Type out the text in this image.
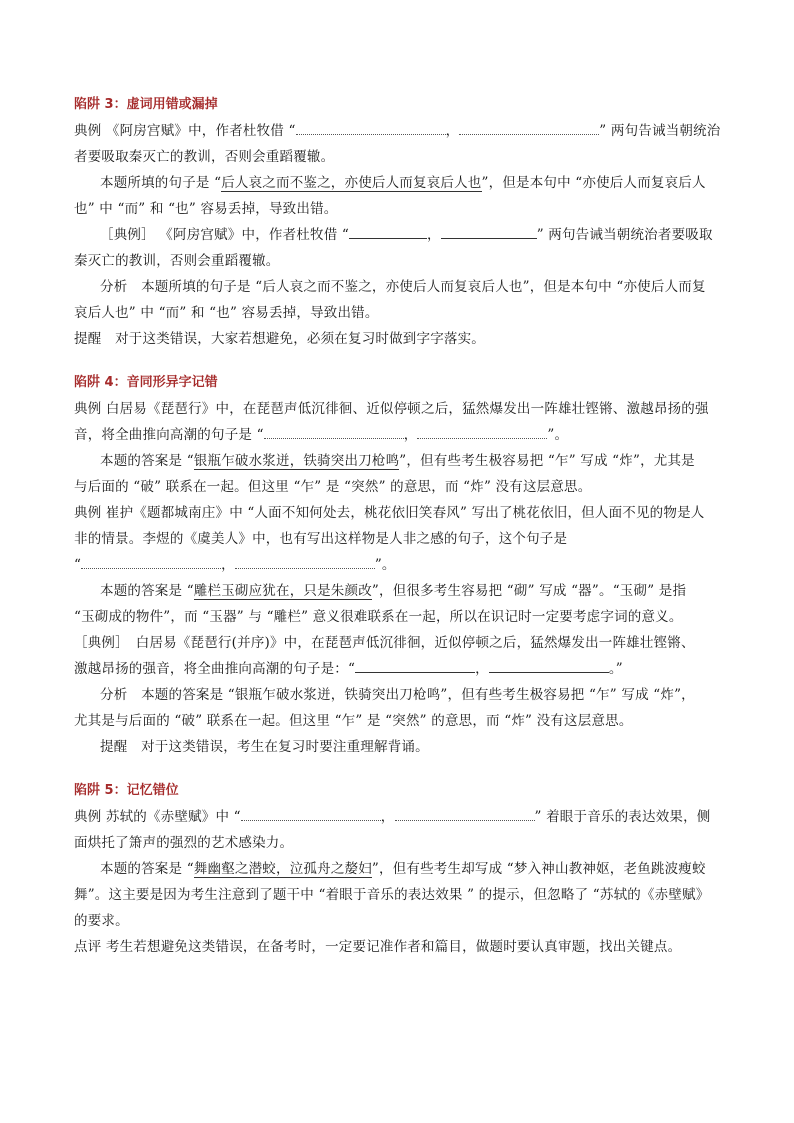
陷阱 3：虚词用错或漏掉
典例 《阿房宫赋》中，作者杜牧借 “	，	” 两句告诫当朝统治
者要吸取秦灭亡的教训，否则会重蹈覆辙。
本题所填的句子是 “后人哀之而不鉴之，亦使后人而复哀后人也”，但是本句中 “亦使后人而复哀后人
也” 中 “而” 和 “也” 容易丢掉，导致出错。
［典例］ 《阿房宫赋》中，作者杜牧借 “	，	” 两句告诫当朝统治者要吸取
秦灭亡的教训，否则会重蹈覆辙。
分析　本题所填的句子是 “后人哀之而不鉴之，亦使后人而复哀后人也”，但是本句中 “亦使后人而复
哀后人也” 中 “而” 和 “也” 容易丢掉，导致出错。
提醒　对于这类错误，大家若想避免，必须在复习时做到字字落实。
陷阱 4：音同形异字记错
典例 白居易《琵琶行》中，在琵琶声低沉徘徊、近似停顿之后，猛然爆发出一阵雄壮铿锵、激越昂扬的强
音，将全曲推向高潮的句子是 “	，	”。
本题的答案是 “银瓶乍破水浆迸，铁骑突出刀枪鸣”，但有些考生极容易把 “乍” 写成 “炸”，尤其是
与后面的 “破” 联系在一起。但这里 “乍” 是 “突然” 的意思，而 “炸” 没有这层意思。
典例 崔护《题都城南庄》中 “人面不知何处去，桃花依旧笑春风” 写出了桃花依旧，但人面不见的物是人
非的情景。李煜的《虞美人》中，也有写出这样物是人非之感的句子，这个句子是
“	，	”。
本题的答案是 “雕栏玉砌应犹在，只是朱颜改”，但很多考生容易把 “砌” 写成 “器”。“玉砌” 是指
“玉砌成的物件”，而 “玉器” 与 “雕栏” 意义很难联系在一起，所以在识记时一定要考虑字词的意义。
［典例］　白居易《琵琶行(并序)》中，在琵琶声低沉徘徊，近似停顿之后，猛然爆发出一阵雄壮铿锵、
激越昂扬的强音，将全曲推向高潮的句子是：“	，	。”
分析　本题的答案是 “银瓶乍破水浆迸，铁骑突出刀枪鸣”，但有些考生极容易把 “乍” 写成 “炸”，
尤其是与后面的 “破” 联系在一起。但这里 “乍” 是 “突然” 的意思，而 “炸” 没有这层意思。
提醒　对于这类错误，考生在复习时要注重理解背诵。
陷阱 5：记忆错位
典例 苏轼的《赤壁赋》中 “	，	” 着眼于音乐的表达效果，侧
面烘托了箫声的强烈的艺术感染力。
本题的答案是 “舞幽壑之潜蛟，泣孤舟之嫠妇”，但有些考生却写成 “梦入神山教神妪，老鱼跳波瘦蛟
舞”。这主要是因为考生注意到了题干中 “着眼于音乐的表达效果 ” 的提示，但忽略了 “苏轼的《赤壁赋》
的要求。
点评 考生若想避免这类错误，在备考时，一定要记准作者和篇目，做题时要认真审题，找出关键点。
